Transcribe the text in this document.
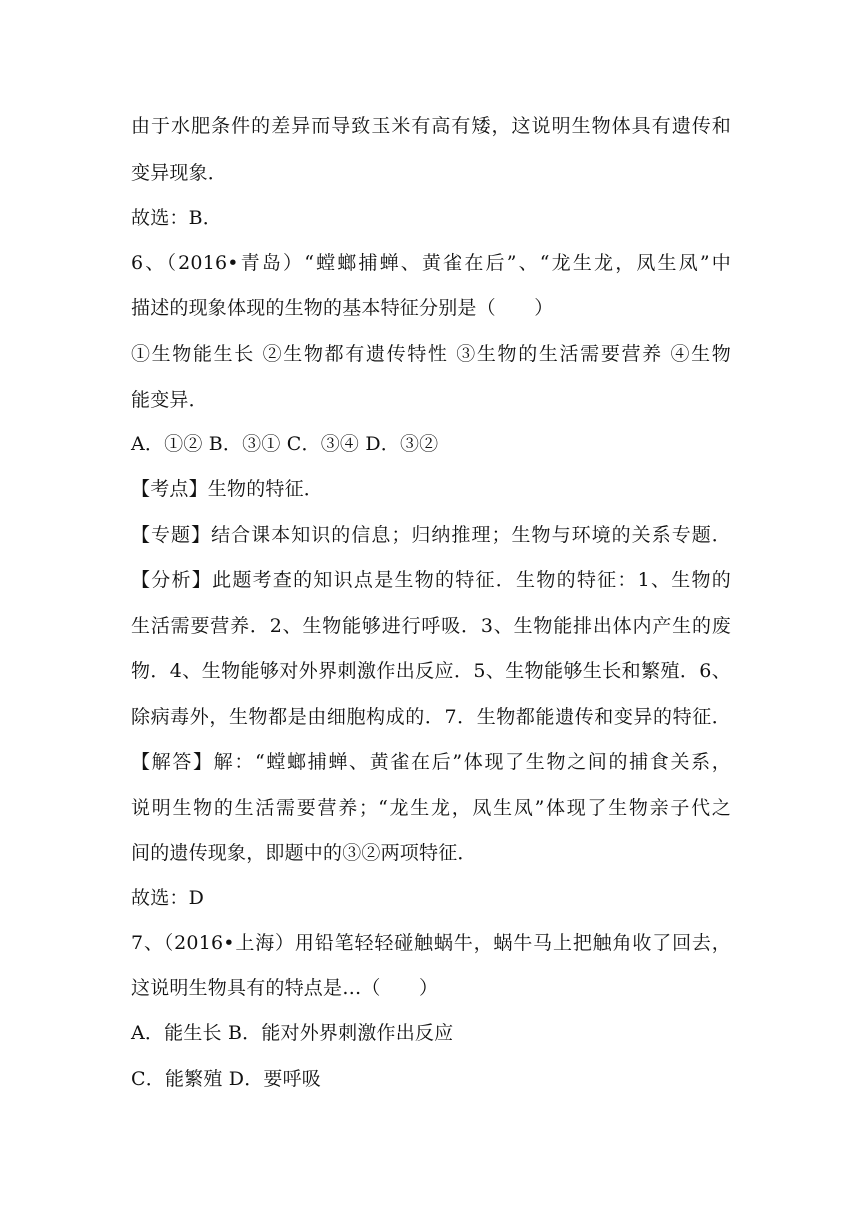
由于水肥条件的差异而导致玉米有高有矮，这说明生物体具有遗传和
变异现象．
故选：B．
6、（2016•青岛）“螳螂捕蝉、黄雀在后”、“龙生龙，凤生凤”中
描述的现象体现的生物的基本特征分别是（　　）
①生物能生长 ②生物都有遗传特性 ③生物的生活需要营养 ④生物
能变异．
A．①② B．③① C．③④ D．③②
【考点】生物的特征．
【专题】结合课本知识的信息；归纳推理；生物与环境的关系专题．
【分析】此题考查的知识点是生物的特征．生物的特征：1、生物的
生活需要营养．2、生物能够进行呼吸．3、生物能排出体内产生的废
物．4、生物能够对外界刺激作出反应．5、生物能够生长和繁殖．6、
除病毒外，生物都是由细胞构成的．7．生物都能遗传和变异的特征．
【解答】解：“螳螂捕蝉、黄雀在后”体现了生物之间的捕食关系，
说明生物的生活需要营养；“龙生龙，凤生凤”体现了生物亲子代之
间的遗传现象，即题中的③②两项特征．
故选：D
7、（2016•上海）用铅笔轻轻碰触蜗牛，蜗牛马上把触角收了回去，
这说明生物具有的特点是…（　　）
A．能生长 B．能对外界刺激作出反应
C．能繁殖 D．要呼吸
